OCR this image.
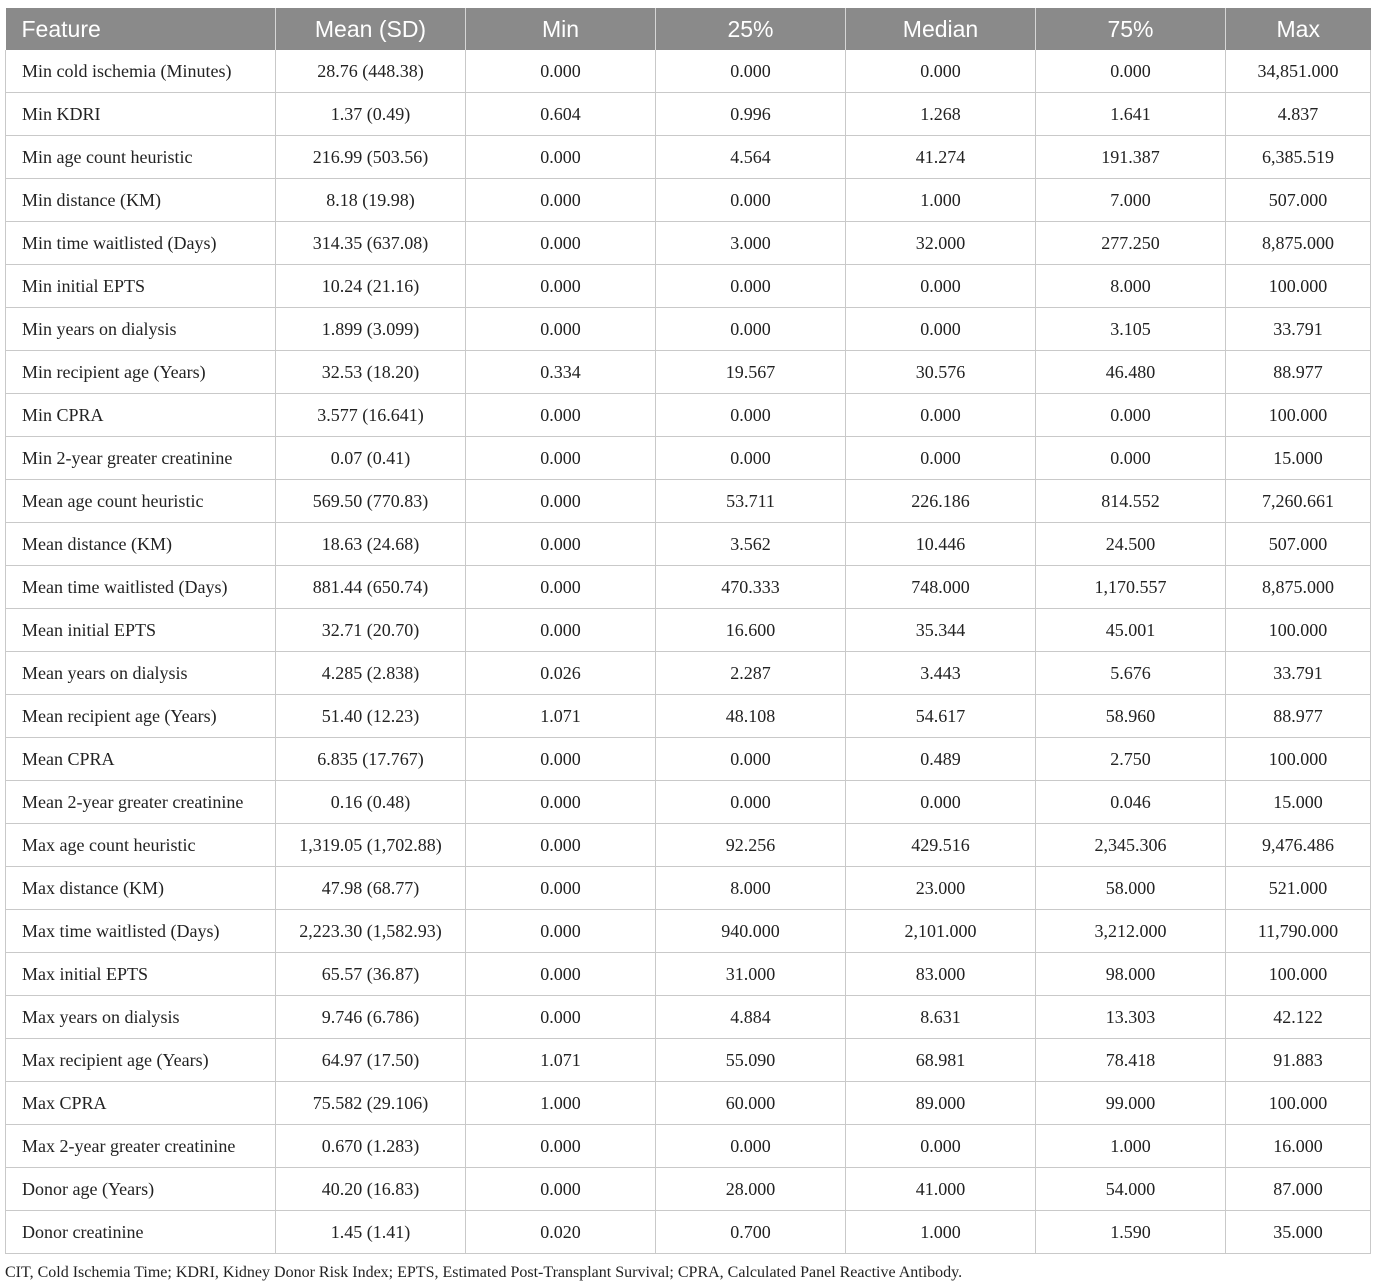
Feature	Mean (SD)	Min	25%	Median	75%	Max
Min cold ischemia (Minutes)	28.76 (448.38)	0.000	0.000	0.000	0.000	34,851.000
Min KDRI	1.37 (0.49)	0.604	0.996	1.268	1.641	4.837
Min age count heuristic	216.99 (503.56)	0.000	4.564	41.274	191.387	6,385.519
Min distance (KM)	8.18 (19.98)	0.000	0.000	1.000	7.000	507.000
Min time waitlisted (Days)	314.35 (637.08)	0.000	3.000	32.000	277.250	8,875.000
Min initial EPTS	10.24 (21.16)	0.000	0.000	0.000	8.000	100.000
Min years on dialysis	1.899 (3.099)	0.000	0.000	0.000	3.105	33.791
Min recipient age (Years)	32.53 (18.20)	0.334	19.567	30.576	46.480	88.977
Min CPRA	3.577 (16.641)	0.000	0.000	0.000	0.000	100.000
Min 2-year greater creatinine	0.07 (0.41)	0.000	0.000	0.000	0.000	15.000
Mean age count heuristic	569.50 (770.83)	0.000	53.711	226.186	814.552	7,260.661
Mean distance (KM)	18.63 (24.68)	0.000	3.562	10.446	24.500	507.000
Mean time waitlisted (Days)	881.44 (650.74)	0.000	470.333	748.000	1,170.557	8,875.000
Mean initial EPTS	32.71 (20.70)	0.000	16.600	35.344	45.001	100.000
Mean years on dialysis	4.285 (2.838)	0.026	2.287	3.443	5.676	33.791
Mean recipient age (Years)	51.40 (12.23)	1.071	48.108	54.617	58.960	88.977
Mean CPRA	6.835 (17.767)	0.000	0.000	0.489	2.750	100.000
Mean 2-year greater creatinine	0.16 (0.48)	0.000	0.000	0.000	0.046	15.000
Max age count heuristic	1,319.05 (1,702.88)	0.000	92.256	429.516	2,345.306	9,476.486
Max distance (KM)	47.98 (68.77)	0.000	8.000	23.000	58.000	521.000
Max time waitlisted (Days)	2,223.30 (1,582.93)	0.000	940.000	2,101.000	3,212.000	11,790.000
Max initial EPTS	65.57 (36.87)	0.000	31.000	83.000	98.000	100.000
Max years on dialysis	9.746 (6.786)	0.000	4.884	8.631	13.303	42.122
Max recipient age (Years)	64.97 (17.50)	1.071	55.090	68.981	78.418	91.883
Max CPRA	75.582 (29.106)	1.000	60.000	89.000	99.000	100.000
Max 2-year greater creatinine	0.670 (1.283)	0.000	0.000	0.000	1.000	16.000
Donor age (Years)	40.20 (16.83)	0.000	28.000	41.000	54.000	87.000
Donor creatinine	1.45 (1.41)	0.020	0.700	1.000	1.590	35.000
CIT, Cold Ischemia Time; KDRI, Kidney Donor Risk Index; EPTS, Estimated Post-Transplant Survival; CPRA, Calculated Panel Reactive Antibody.
